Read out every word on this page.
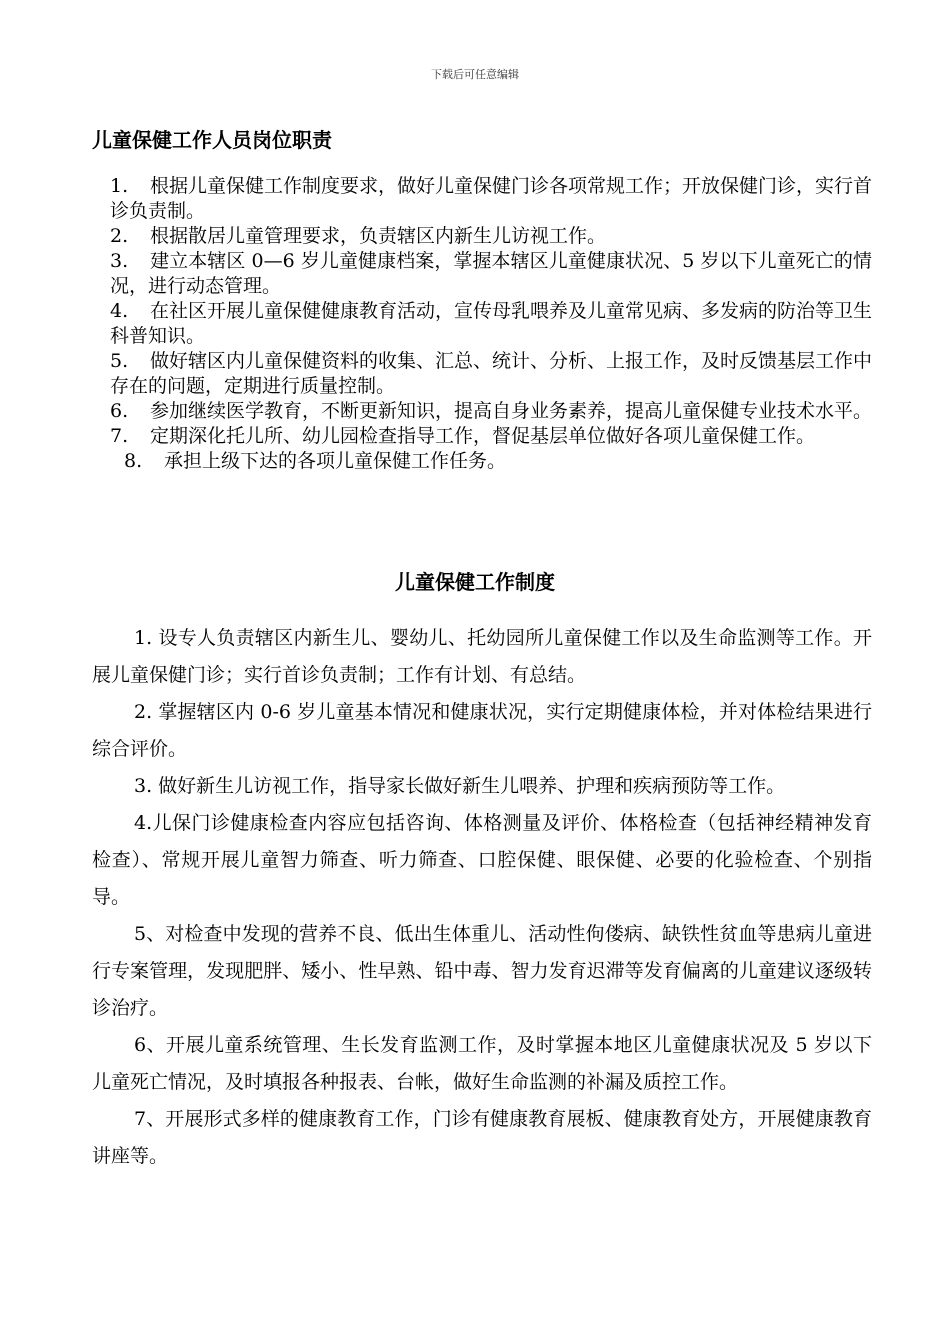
下载后可任意编辑
儿童保健工作人员岗位职责

1. 根据儿童保健工作制度要求，做好儿童保健门诊各项常规工作；开放保健门诊，实行首诊负责制。

2. 根据散居儿童管理要求，负责辖区内新生儿访视工作。

3. 建立本辖区 0—6 岁儿童健康档案，掌握本辖区儿童健康状况、5 岁以下儿童死亡的情况，进行动态管理。

4. 在社区开展儿童保健健康教育活动，宣传母乳喂养及儿童常见病、多发病的防治等卫生科普知识。

5. 做好辖区内儿童保健资料的收集、汇总、统计、分析、上报工作，及时反馈基层工作中存在的问题，定期进行质量控制。

6. 参加继续医学教育，不断更新知识，提高自身业务素养，提高儿童保健专业技术水平。

7. 定期深化托儿所、幼儿园检查指导工作，督促基层单位做好各项儿童保健工作。

8. 承担上级下达的各项儿童保健工作任务。

儿童保健工作制度

1. 设专人负责辖区内新生儿、婴幼儿、托幼园所儿童保健工作以及生命监测等工作。开展儿童保健门诊；实行首诊负责制；工作有计划、有总结。

2. 掌握辖区内 0-6 岁儿童基本情况和健康状况，实行定期健康体检，并对体检结果进行综合评价。

3. 做好新生儿访视工作，指导家长做好新生儿喂养、护理和疾病预防等工作。

4.儿保门诊健康检查内容应包括咨询、体格测量及评价、体格检查（包括神经精神发育检查）、常规开展儿童智力筛查、听力筛查、口腔保健、眼保健、必要的化验检查、个别指导。

5、对检查中发现的营养不良、低出生体重儿、活动性佝偻病、缺铁性贫血等患病儿童进行专案管理，发现肥胖、矮小、性早熟、铅中毒、智力发育迟滞等发育偏离的儿童建议逐级转诊治疗。

6、开展儿童系统管理、生长发育监测工作，及时掌握本地区儿童健康状况及 5 岁以下儿童死亡情况，及时填报各种报表、台帐，做好生命监测的补漏及质控工作。

7、开展形式多样的健康教育工作，门诊有健康教育展板、健康教育处方，开展健康教育讲座等。
